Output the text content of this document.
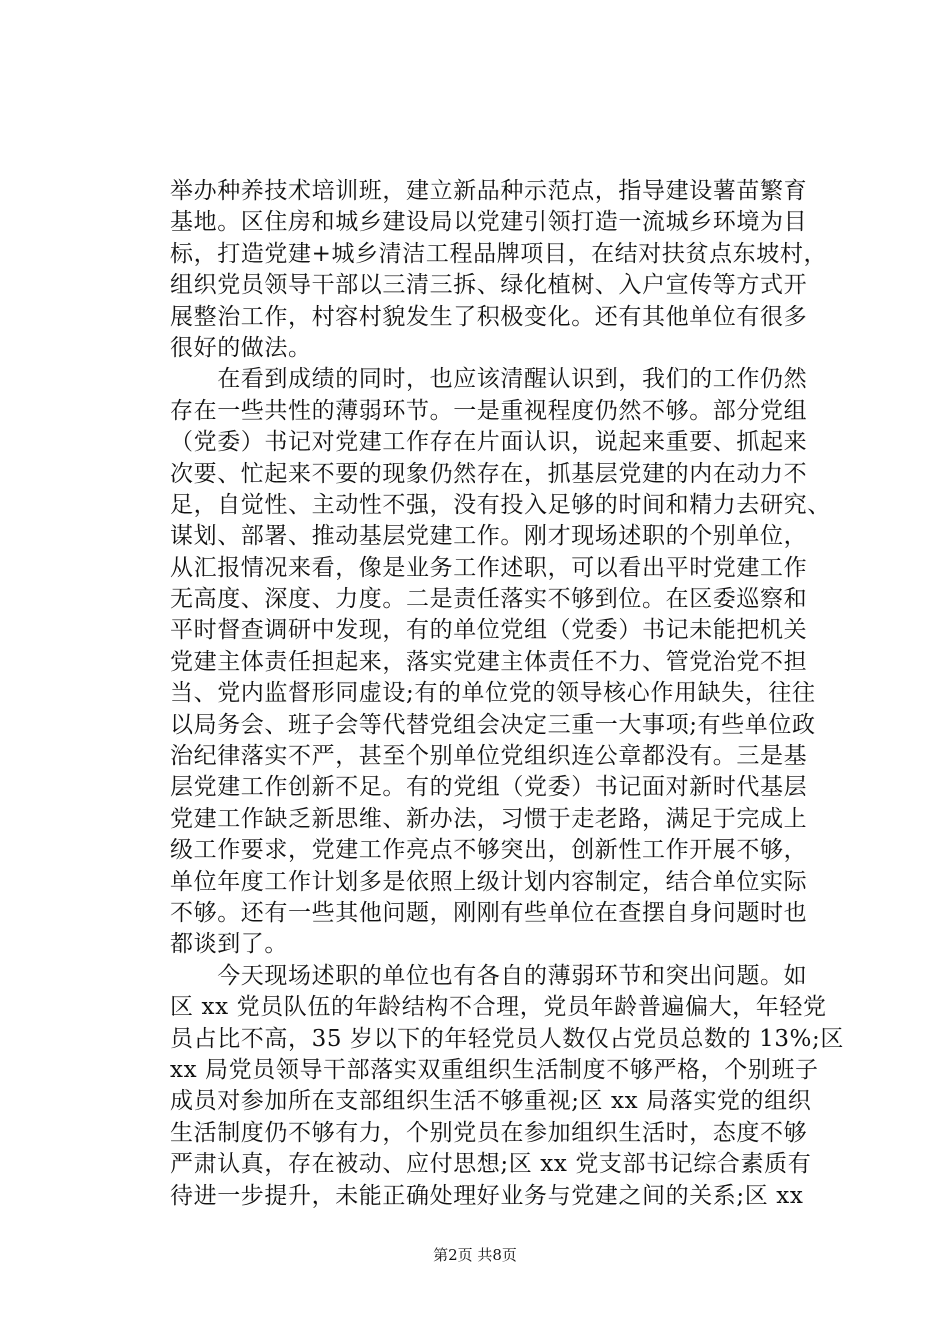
举办种养技术培训班，建立新品种示范点，指导建设薯苗繁育
基地。区住房和城乡建设局以党建引领打造一流城乡环境为目
标，打造党建+城乡清洁工程品牌项目，在结对扶贫点东坡村，
组织党员领导干部以三清三拆、绿化植树、入户宣传等方式开
展整治工作，村容村貌发生了积极变化。还有其他单位有很多
很好的做法。
　　在看到成绩的同时，也应该清醒认识到，我们的工作仍然
存在一些共性的薄弱环节。一是重视程度仍然不够。部分党组
（党委）书记对党建工作存在片面认识，说起来重要、抓起来
次要、忙起来不要的现象仍然存在，抓基层党建的内在动力不
足，自觉性、主动性不强，没有投入足够的时间和精力去研究、
谋划、部署、推动基层党建工作。刚才现场述职的个别单位，
从汇报情况来看，像是业务工作述职，可以看出平时党建工作
无高度、深度、力度。二是责任落实不够到位。在区委巡察和
平时督查调研中发现，有的单位党组（党委）书记未能把机关
党建主体责任担起来，落实党建主体责任不力、管党治党不担
当、党内监督形同虚设;有的单位党的领导核心作用缺失，往往
以局务会、班子会等代替党组会决定三重一大事项;有些单位政
治纪律落实不严，甚至个别单位党组织连公章都没有。三是基
层党建工作创新不足。有的党组（党委）书记面对新时代基层
党建工作缺乏新思维、新办法，习惯于走老路，满足于完成上
级工作要求，党建工作亮点不够突出，创新性工作开展不够，
单位年度工作计划多是依照上级计划内容制定，结合单位实际
不够。还有一些其他问题，刚刚有些单位在查摆自身问题时也
都谈到了。
　　今天现场述职的单位也有各自的薄弱环节和突出问题。如
区 xx 党员队伍的年龄结构不合理，党员年龄普遍偏大，年轻党
员占比不高，35 岁以下的年轻党员人数仅占党员总数的 13%;区
xx 局党员领导干部落实双重组织生活制度不够严格，个别班子
成员对参加所在支部组织生活不够重视;区 xx 局落实党的组织
生活制度仍不够有力，个别党员在参加组织生活时，态度不够
严肃认真，存在被动、应付思想;区 xx 党支部书记综合素质有
待进一步提升，未能正确处理好业务与党建之间的关系;区 xx
第2页 共8页
